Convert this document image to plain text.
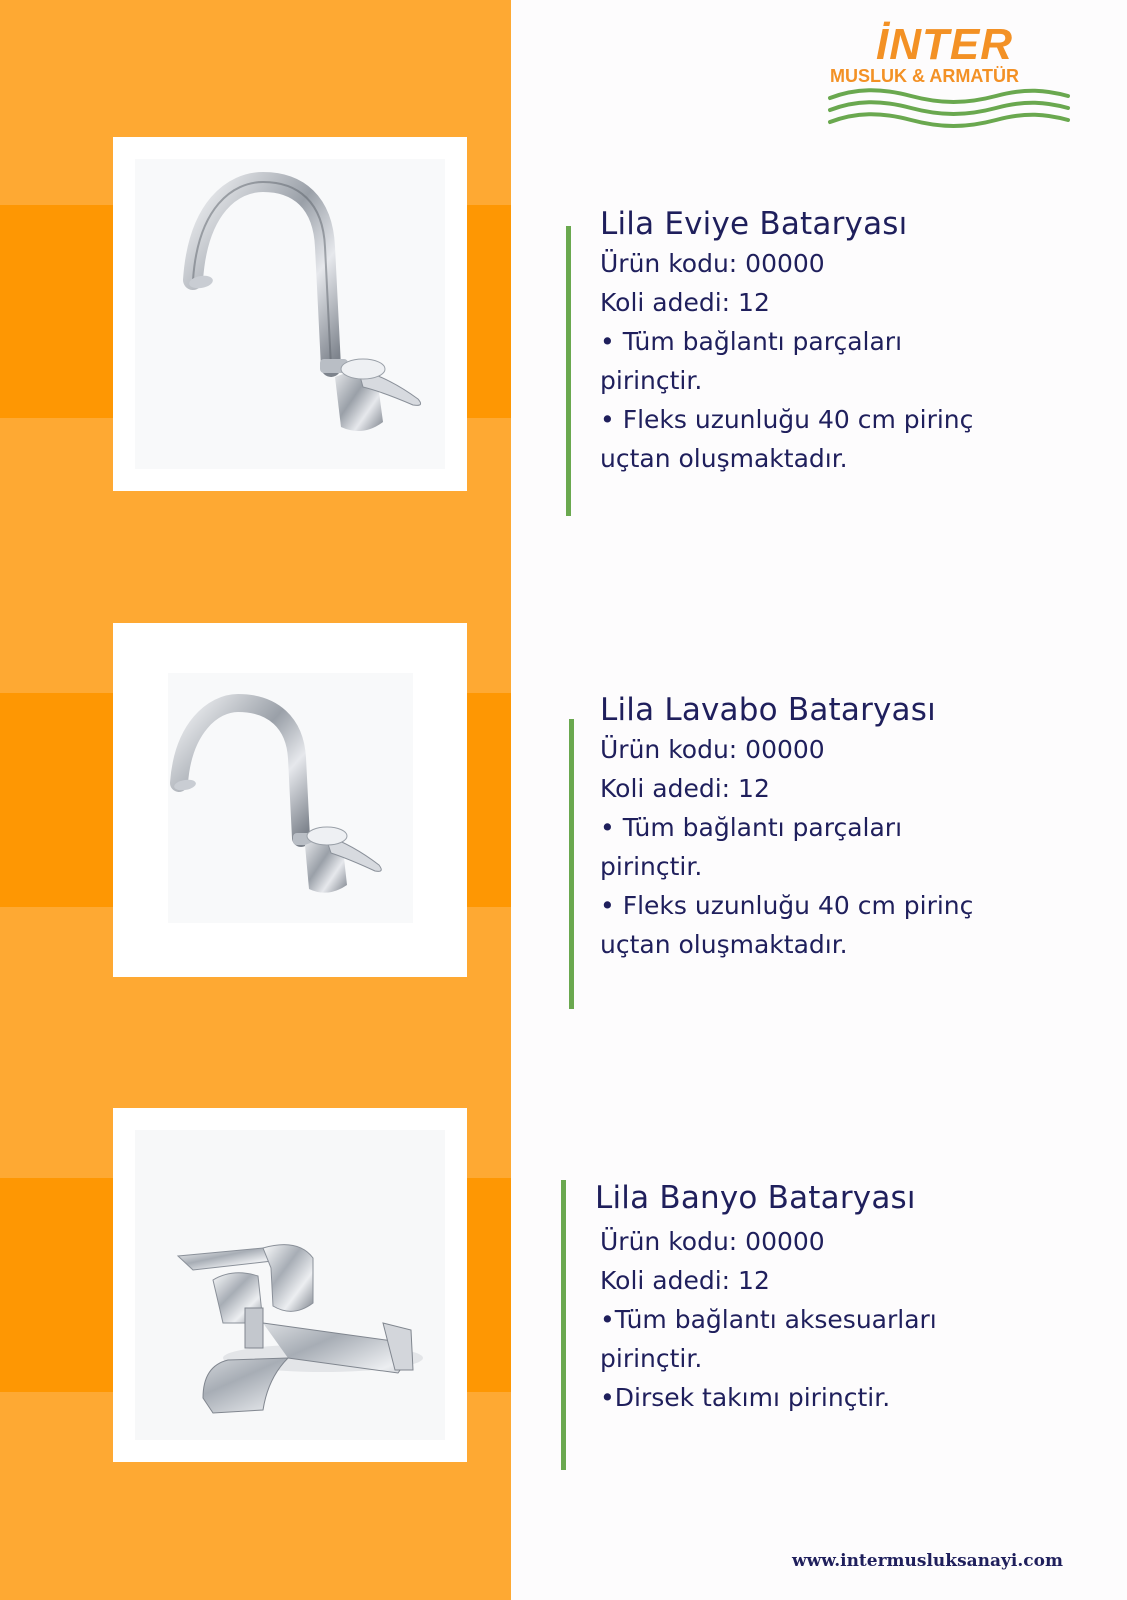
İNTER
MUSLUK & ARMATÜR
Lila Eviye Bataryası

Ürün kodu: 00000

Koli adedi: 12

• Tüm bağlantı parçaları

pirinçtir.

• Fleks uzunluğu 40 cm pirinç

uçtan oluşmaktadır.

Lila Lavabo Bataryası

Ürün kodu: 00000

Koli adedi: 12

• Tüm bağlantı parçaları

pirinçtir.

• Fleks uzunluğu 40 cm pirinç

uçtan oluşmaktadır.

Lila Banyo Bataryası

Ürün kodu: 00000

Koli adedi: 12

•Tüm bağlantı aksesuarları

pirinçtir.

•Dirsek takımı pirinçtir.

www.intermusluksanayi.com
